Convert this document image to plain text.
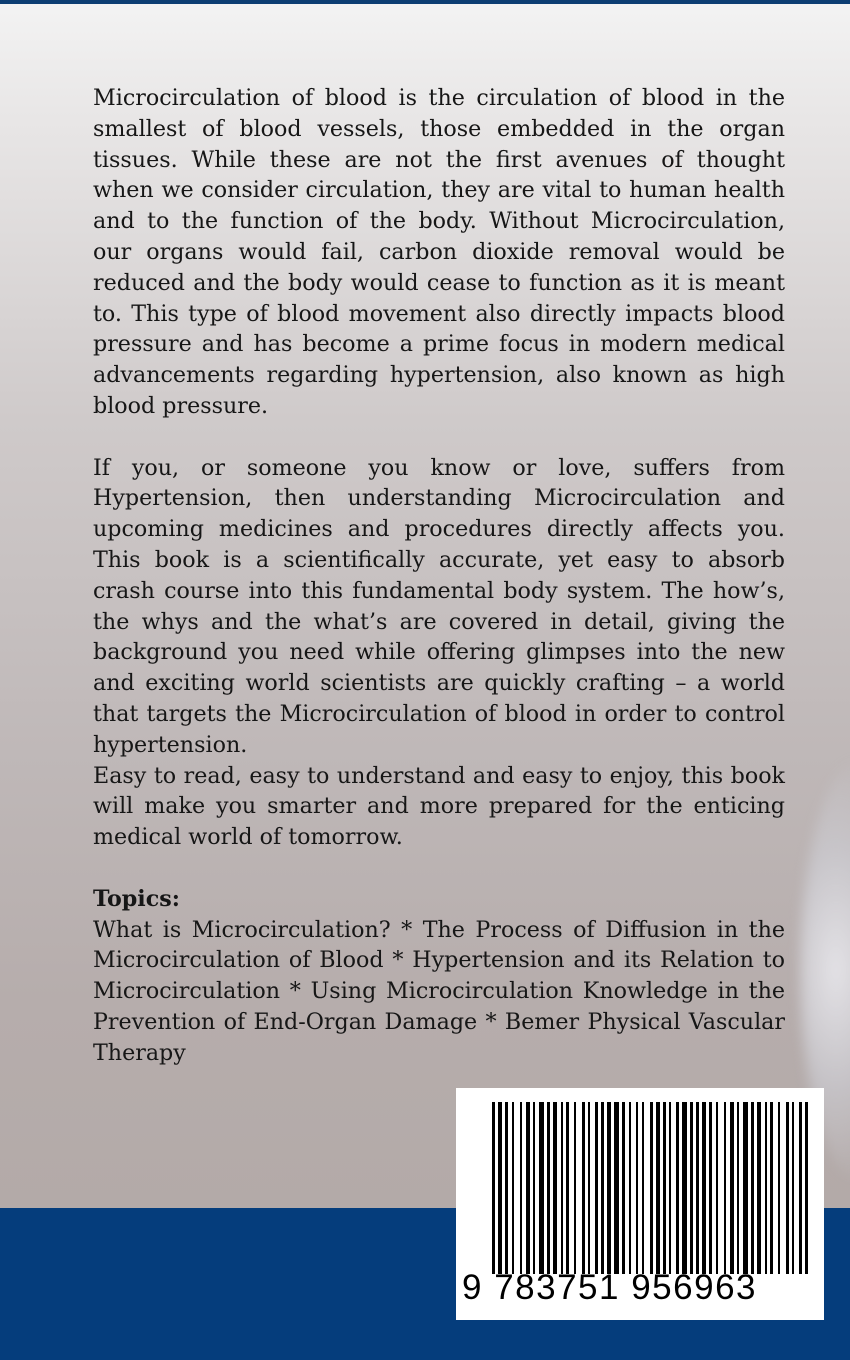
Microcirculation of blood is the circulation of blood in the smallest of blood vessels, those embedded in the organ tissues. While these are not the first avenues of thought when we consider circulation, they are vital to human health and to the function of the body. Without Microcirculation, our organs would fail, carbon dioxide removal would be reduced and the body would cease to function as it is meant to. This type of blood movement also directly impacts blood pressure and has become a prime focus in modern medical advancements regarding hypertension, also known as high blood pressure.

If you, or someone you know or love, suffers from Hypertension, then understanding Microcirculation and upcoming medicines and procedures directly affects you. This book is a scientifically accurate, yet easy to absorb crash course into this fundamental body system. The how’s, the whys and the what’s are covered in detail, giving the background you need while offering glimpses into the new and exciting world scientists are quickly crafting – a world that targets the Microcirculation of blood in order to control hypertension.

Easy to read, easy to understand and easy to enjoy, this book will make you smarter and more prepared for the enticing medical world of tomorrow.

Topics:

What is Microcirculation? * The Process of Diffusion in the Microcirculation of Blood * Hypertension and its Relation to Microcirculation * Using Microcirculation Knowledge in the Prevention of End-Organ Damage * Bemer Physical Vascular Therapy

9 783751 956963
